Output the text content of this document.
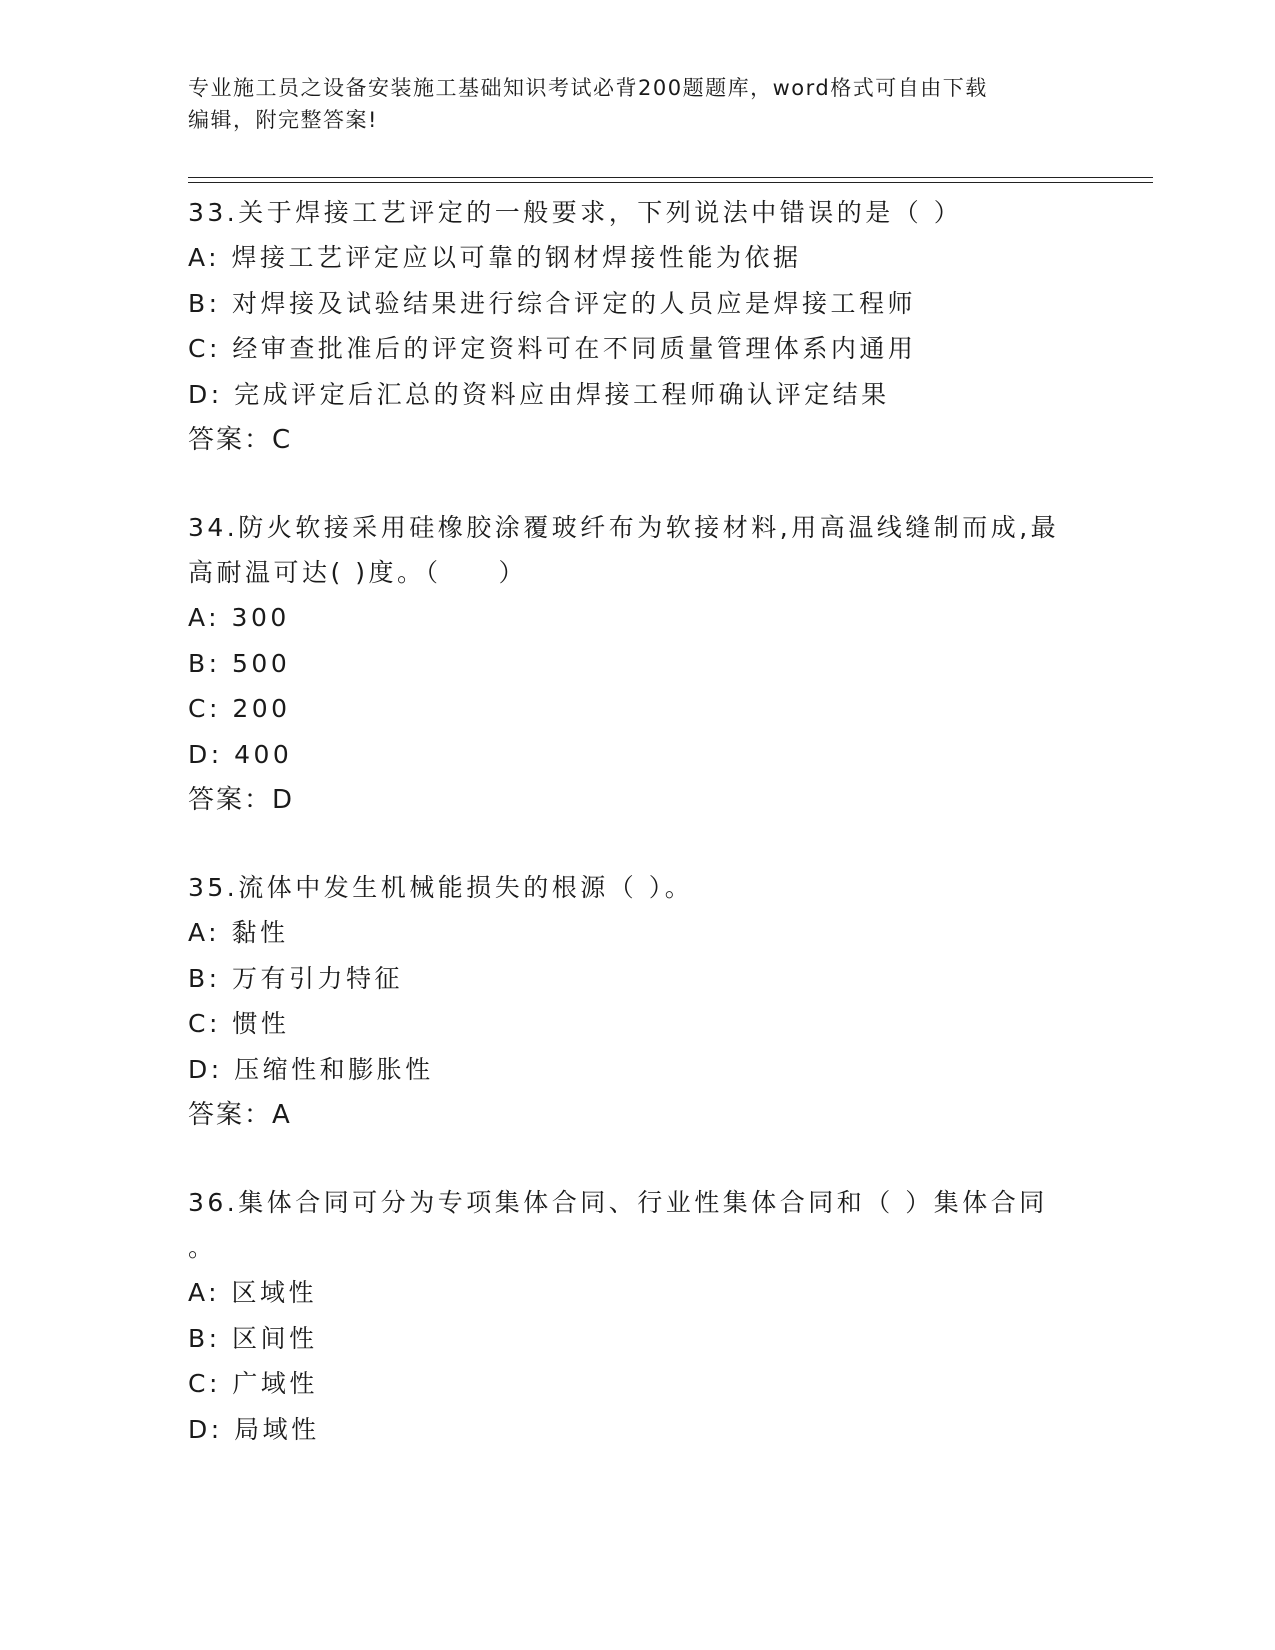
专业施工员之设备安装施工基础知识考试必背200题题库，word格式可自由下载
编辑，附完整答案!
33.关于焊接工艺评定的一般要求，下列说法中错误的是（ ）
A: 焊接工艺评定应以可靠的钢材焊接性能为依据
B: 对焊接及试验结果进行综合评定的人员应是焊接工程师
C: 经审查批准后的评定资料可在不同质量管理体系内通用
D: 完成评定后汇总的资料应由焊接工程师确认评定结果
答案：C
34.防火软接采用硅橡胶涂覆玻纤布为软接材料,用高温线缝制而成,最
高耐温可达( )度。（　　）
A: 300
B: 500
C: 200
D: 400
答案：D
35.流体中发生机械能损失的根源（ ）。
A: 黏性
B: 万有引力特征
C: 惯性
D: 压缩性和膨胀性
答案：A
36.集体合同可分为专项集体合同、行业性集体合同和（ ）集体合同
。
A: 区域性
B: 区间性
C: 广域性
D: 局域性
